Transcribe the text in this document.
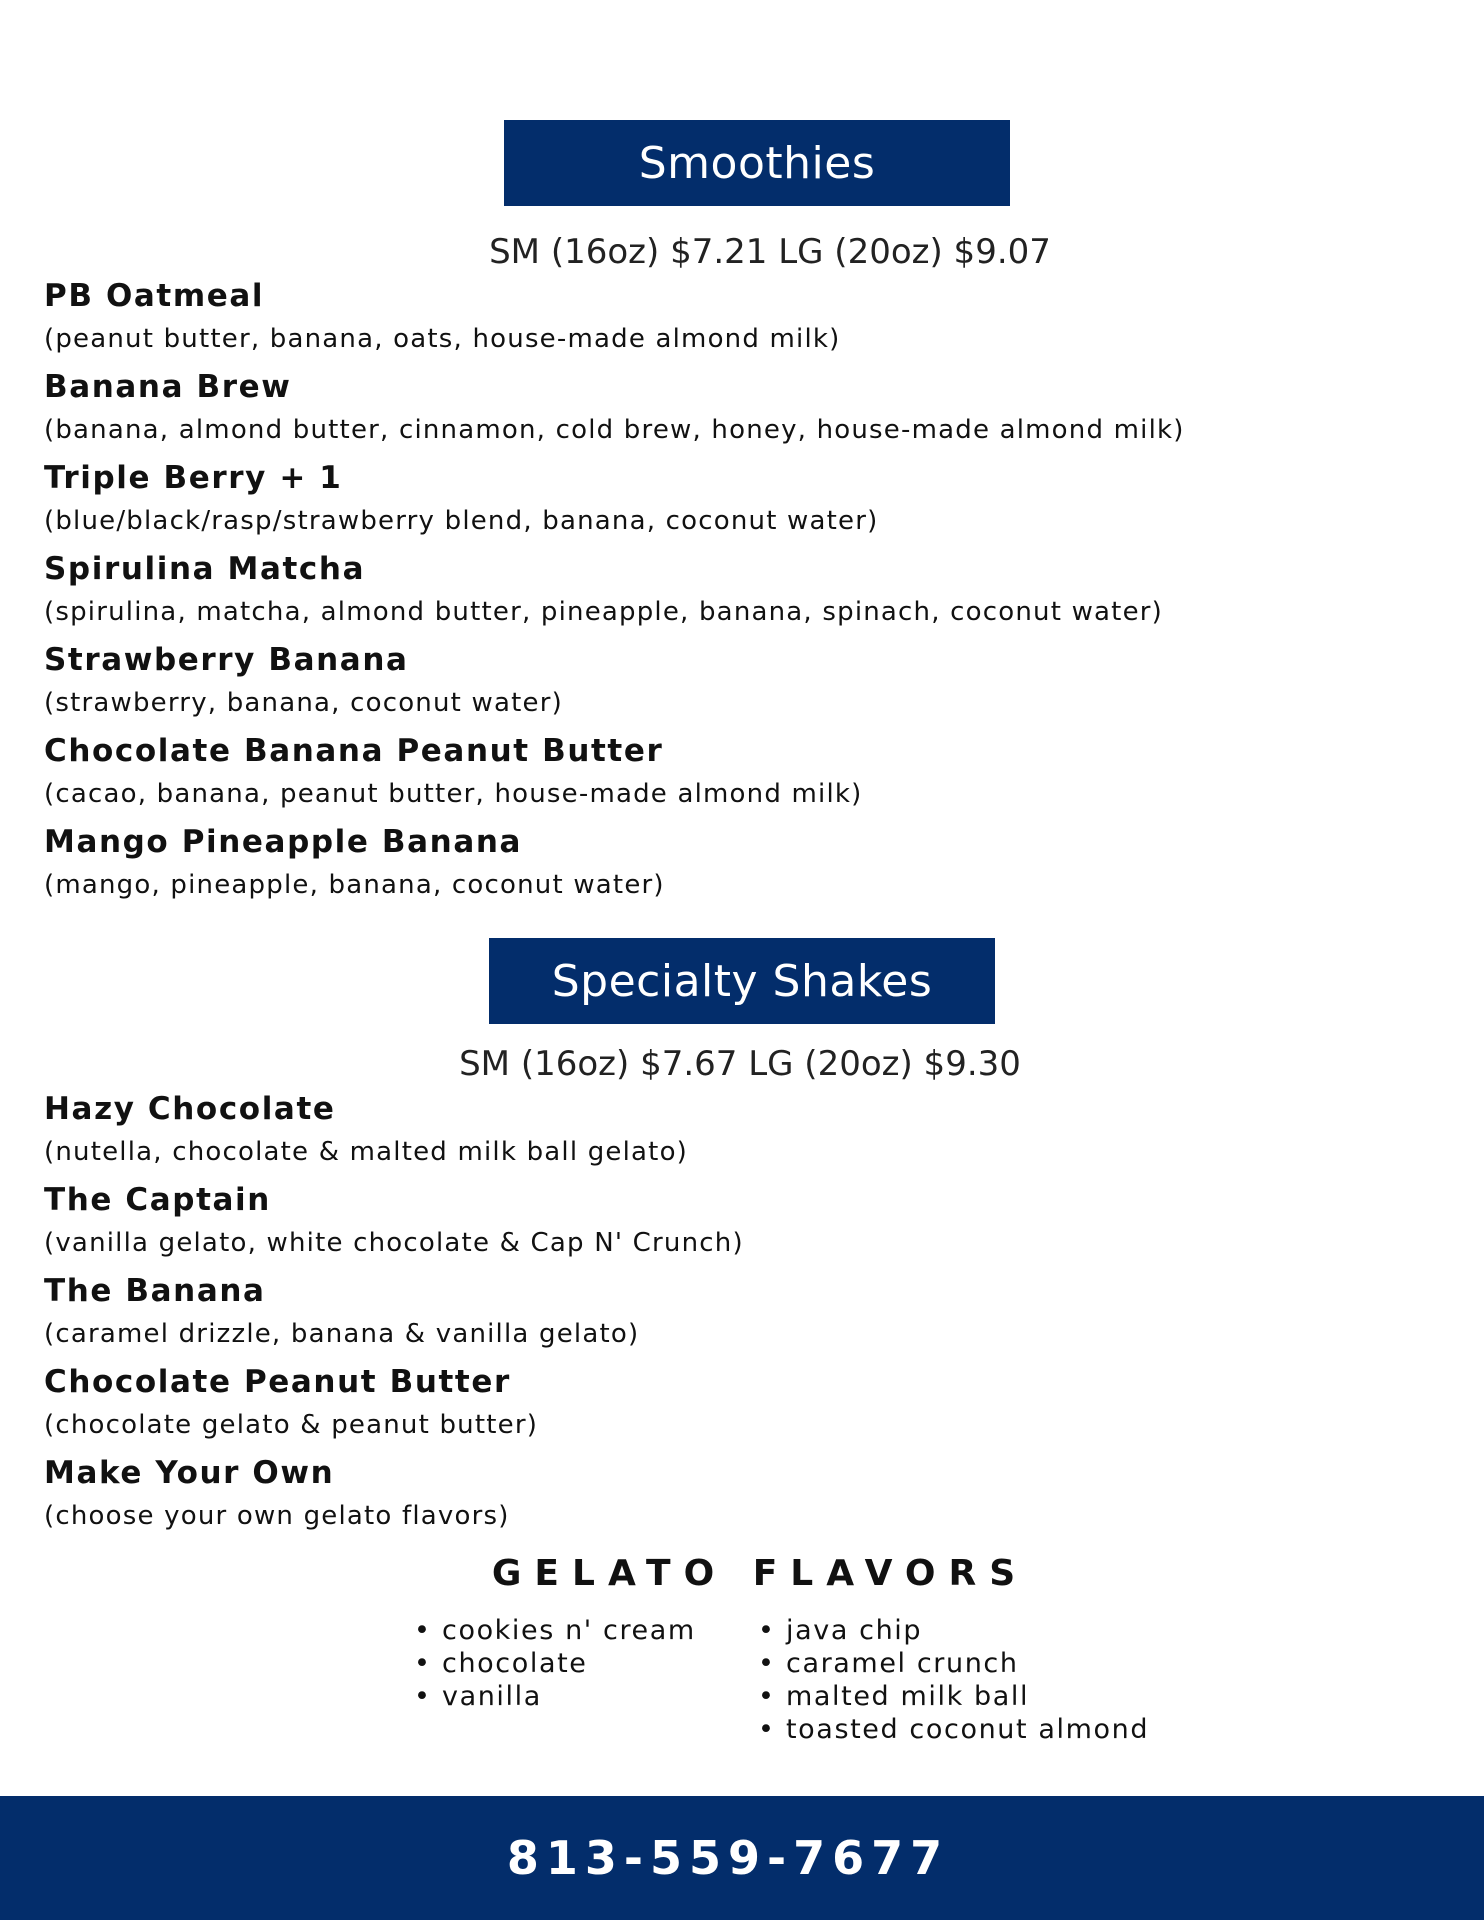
Smoothies
SM (16oz) $7.21 LG (20oz) $9.07
PB Oatmeal
(peanut butter, banana, oats, house-made almond milk)
Banana Brew
(banana, almond butter, cinnamon, cold brew, honey, house-made almond milk)
Triple Berry + 1
(blue/black/rasp/strawberry blend, banana, coconut water)
Spirulina Matcha
(spirulina, matcha, almond butter, pineapple, banana, spinach, coconut water)
Strawberry Banana
(strawberry, banana, coconut water)
Chocolate Banana Peanut Butter
(cacao, banana, peanut butter, house-made almond milk)
Mango Pineapple Banana
(mango, pineapple, banana, coconut water)
Specialty Shakes
SM (16oz) $7.67 LG (20oz) $9.30
Hazy Chocolate
(nutella, chocolate & malted milk ball gelato)
The Captain
(vanilla gelato, white chocolate & Cap N' Crunch)
The Banana
(caramel drizzle, banana & vanilla gelato)
Chocolate Peanut Butter
(chocolate gelato & peanut butter)
Make Your Own
(choose your own gelato flavors)
GELATO FLAVORS
• cookies n' cream
• chocolate
• vanilla
• java chip
• caramel crunch
• malted milk ball
• toasted coconut almond
813-559-7677
